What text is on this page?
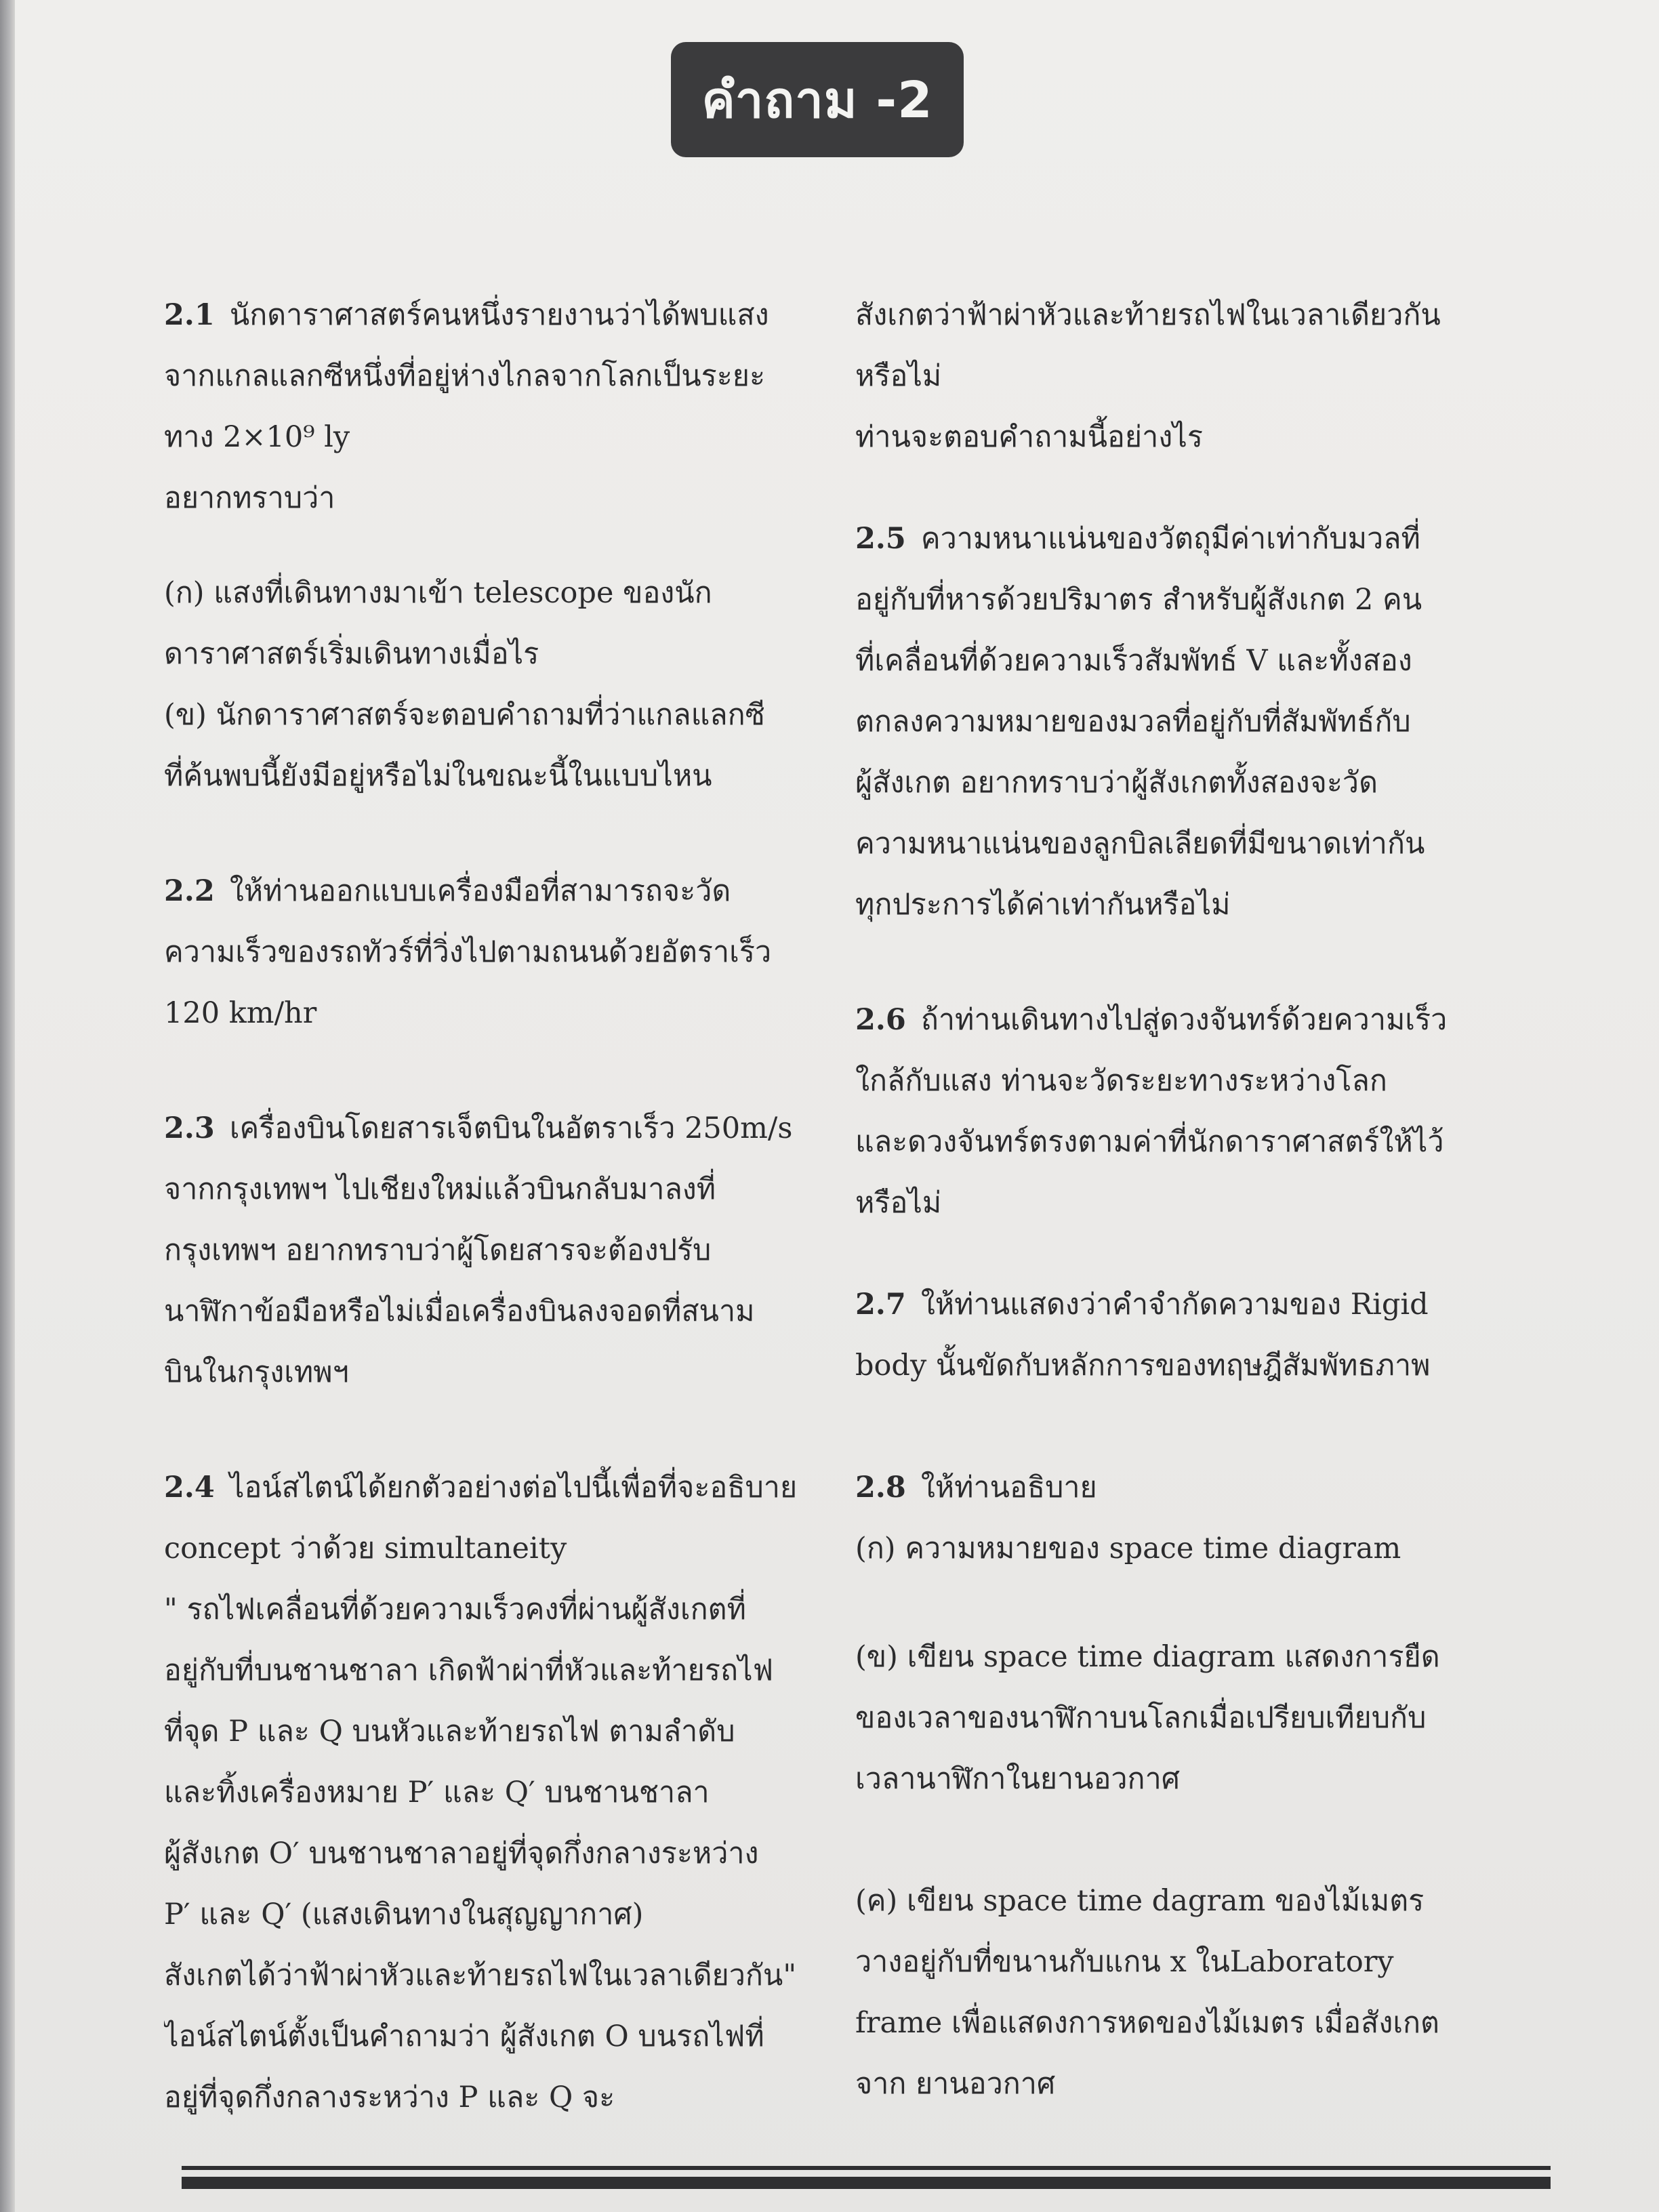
คำถาม -2
2.1 นักดาราศาสตร์คนหนึ่งรายงานว่าได้พบแสง
จากแกลแลกซีหนึ่งที่อยู่ห่างไกลจากโลกเป็นระยะ
ทาง 2×10⁹ ly
อยากทราบว่า
(ก) แสงที่เดินทางมาเข้า telescope ของนัก
ดาราศาสตร์เริ่มเดินทางเมื่อไร
(ข) นักดาราศาสตร์จะตอบคำถามที่ว่าแกลแลกซี
ที่ค้นพบนี้ยังมีอยู่หรือไม่ในขณะนี้ในแบบไหน
2.2 ให้ท่านออกแบบเครื่องมือที่สามารถจะวัด
ความเร็วของรถทัวร์ที่วิ่งไปตามถนนด้วยอัตราเร็ว
120 km/hr
2.3 เครื่องบินโดยสารเจ็ตบินในอัตราเร็ว 250m/s
จากกรุงเทพฯ ไปเชียงใหม่แล้วบินกลับมาลงที่
กรุงเทพฯ อยากทราบว่าผู้โดยสารจะต้องปรับ
นาฬิกาข้อมือหรือไม่เมื่อเครื่องบินลงจอดที่สนาม
บินในกรุงเทพฯ
2.4 ไอน์สไตน์ได้ยกตัวอย่างต่อไปนี้เพื่อที่จะอธิบาย
concept ว่าด้วย simultaneity
" รถไฟเคลื่อนที่ด้วยความเร็วคงที่ผ่านผู้สังเกตที่
อยู่กับที่บนชานชาลา เกิดฟ้าผ่าที่หัวและท้ายรถไฟ
ที่จุด P และ Q บนหัวและท้ายรถไฟ ตามลำดับ
และทิ้งเครื่องหมาย P′ และ Q′ บนชานชาลา
ผู้สังเกต O′ บนชานชาลาอยู่ที่จุดกึ่งกลางระหว่าง
P′ และ Q′ (แสงเดินทางในสุญญากาศ)
สังเกตได้ว่าฟ้าผ่าหัวและท้ายรถไฟในเวลาเดียวกัน"
ไอน์สไตน์ตั้งเป็นคำถามว่า ผู้สังเกต O บนรถไฟที่
อยู่ที่จุดกึ่งกลางระหว่าง P และ Q จะ
สังเกตว่าฟ้าผ่าหัวและท้ายรถไฟในเวลาเดียวกัน
หรือไม่
ท่านจะตอบคำถามนี้อย่างไร
2.5 ความหนาแน่นของวัตถุมีค่าเท่ากับมวลที่
อยู่กับที่หารด้วยปริมาตร สำหรับผู้สังเกต 2 คน
ที่เคลื่อนที่ด้วยความเร็วสัมพัทธ์ V และทั้งสอง
ตกลงความหมายของมวลที่อยู่กับที่สัมพัทธ์กับ
ผู้สังเกต อยากทราบว่าผู้สังเกตทั้งสองจะวัด
ความหนาแน่นของลูกบิลเลียดที่มีขนาดเท่ากัน
ทุกประการได้ค่าเท่ากันหรือไม่
2.6 ถ้าท่านเดินทางไปสู่ดวงจันทร์ด้วยความเร็ว
ใกล้กับแสง ท่านจะวัดระยะทางระหว่างโลก
และดวงจันทร์ตรงตามค่าที่นักดาราศาสตร์ให้ไว้
หรือไม่
2.7 ให้ท่านแสดงว่าคำจำกัดความของ Rigid
body นั้นขัดกับหลักการของทฤษฎีสัมพัทธภาพ
2.8 ให้ท่านอธิบาย
(ก) ความหมายของ space time diagram
(ข) เขียน space time diagram แสดงการยืด
ของเวลาของนาฬิกาบนโลกเมื่อเปรียบเทียบกับ
เวลานาฬิกาในยานอวกาศ
(ค) เขียน space time dagram ของไม้เมตร
วางอยู่กับที่ขนานกับแกน x ในLaboratory
frame เพื่อแสดงการหดของไม้เมตร เมื่อสังเกต
จาก ยานอวกาศ
